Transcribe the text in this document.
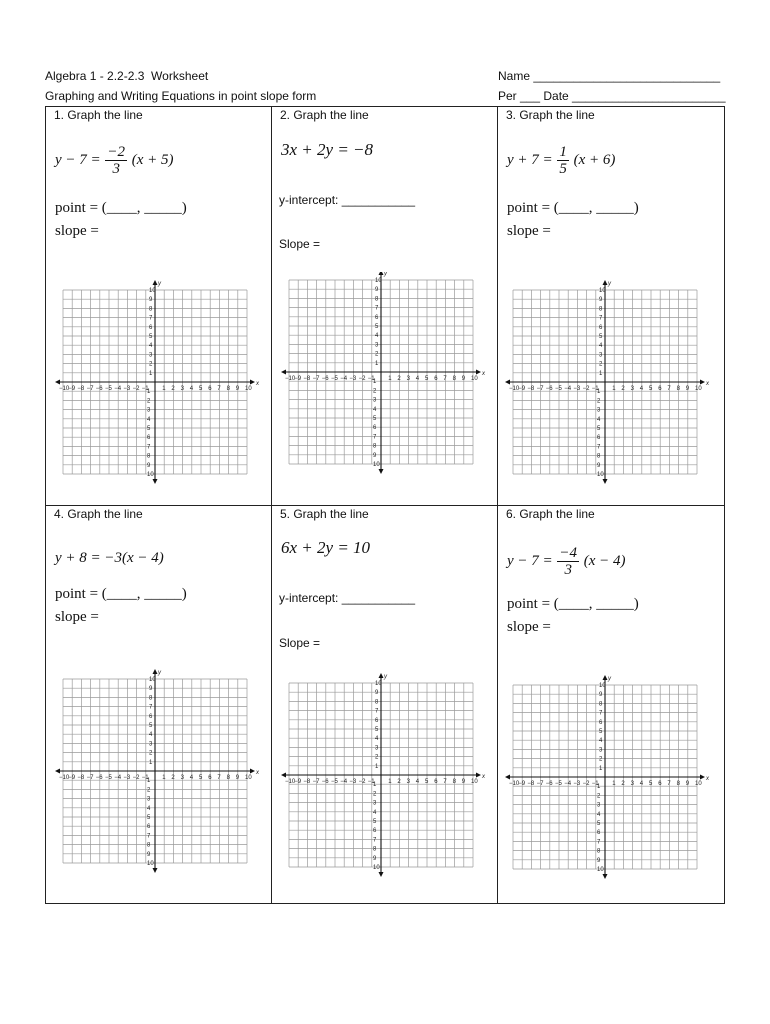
Algebra 1 - 2.2-2.3  Worksheet
Graphing and Writing Equations in point slope form
Name ____________________________
Per ___ Date _______________________
1. Graph the line
$y - 7 = \frac{-2}{3} (x + 5)$
point = (____, _____)
slope =
x
y
−10
10
−9
9
−8
8
−7
7
−6
6
−5
5
−4
4
−3
3
−2
2
−1
1
1
1
2
2
3
3
4
4
5
5
6
6
7
7
8
8
9
9
10
10
2. Graph the line
3x + 2y = −8
y-intercept: ___________
Slope =
x
y
−10
10
−9
9
−8
8
−7
7
−6
6
−5
5
−4
4
−3
3
−2
2
−1
1
1
1
2
2
3
3
4
4
5
5
6
6
7
7
8
8
9
9
10
10
3. Graph the line
$y + 7 = \frac{1}{5} (x + 6)$
point = (____, _____)
slope =
x
y
−10
10
−9
9
−8
8
−7
7
−6
6
−5
5
−4
4
−3
3
−2
2
−1
1
1
1
2
2
3
3
4
4
5
5
6
6
7
7
8
8
9
9
10
10
4. Graph the line
y + 8 = −3(x − 4)
point = (____, _____)
slope =
x
y
−10
10
−9
9
−8
8
−7
7
−6
6
−5
5
−4
4
−3
3
−2
2
−1
1
1
1
2
2
3
3
4
4
5
5
6
6
7
7
8
8
9
9
10
10
5. Graph the line
6x + 2y = 10
y-intercept: ___________
Slope =
x
y
−10
10
−9
9
−8
8
−7
7
−6
6
−5
5
−4
4
−3
3
−2
2
−1
1
1
1
2
2
3
3
4
4
5
5
6
6
7
7
8
8
9
9
10
10
6. Graph the line
$y - 7 = \frac{-4}{3} (x - 4)$
point = (____, _____)
slope =
x
y
−10
10
−9
9
−8
8
−7
7
−6
6
−5
5
−4
4
−3
3
−2
2
−1
1
1
1
2
2
3
3
4
4
5
5
6
6
7
7
8
8
9
9
10
10
